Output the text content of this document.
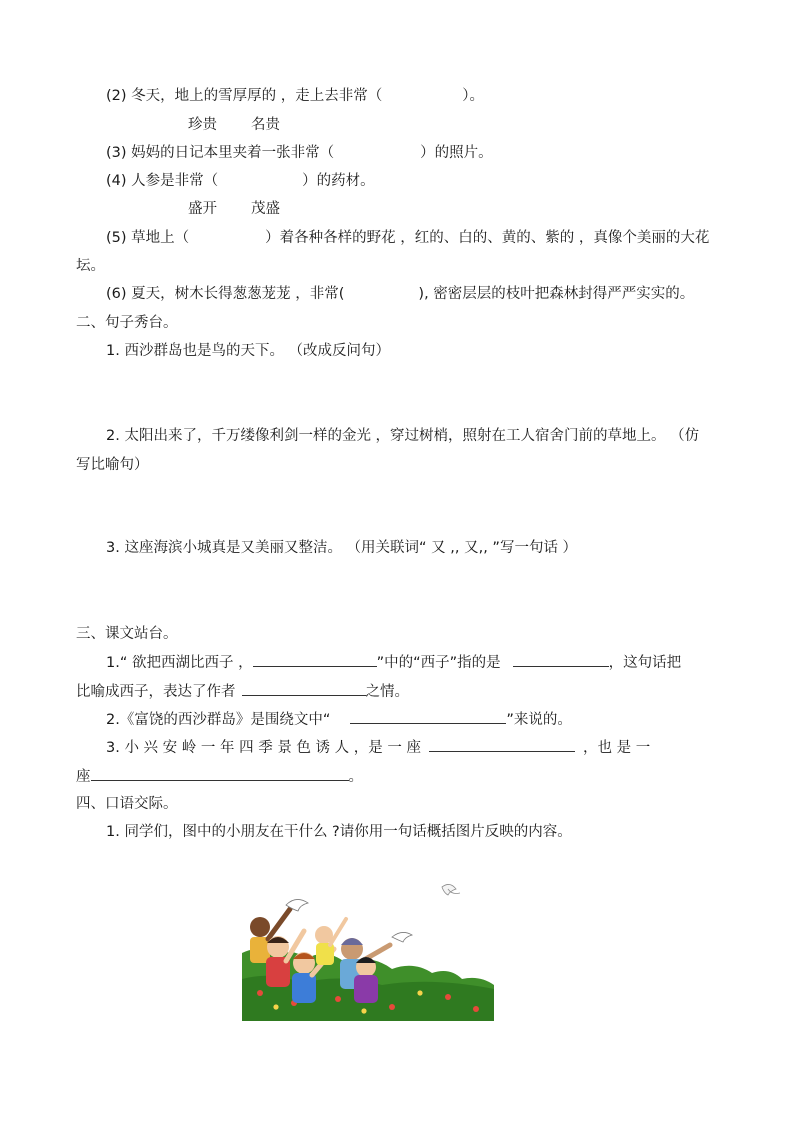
(2) 冬天，地上的雪厚厚的 ，走上去非常（	）。
珍贵 名贵
(3) 妈妈的日记本里夹着一张非常（	）的照片。
(4) 人参是非常（	）的药材。
盛开 茂盛
(5) 草地上（	）着各种各样的野花 ，红的、白的、黄的、紫的 ，真像个美丽的大花
坛。
(6) 夏天，树木长得葱葱茏茏 ，非常(	), 密密层层的枝叶把森林封得严严实实的。
二、句子秀台。
1. 西沙群岛也是鸟的天下。 （改成反问句）
2. 太阳出来了，千万缕像利剑一样的金光 ，穿过树梢，照射在工人宿舍门前的草地上。 （仿
写比喻句）
3. 这座海滨小城真是又美丽又整洁。 （用关联词“ 又 ,, 又,, ”写一句话 ）
三、课文站台。
1.“ 欲把西湖比西子 ，	”中的“西子”指的是	，这句话把
比喻成西子，表达了作者	之情。
2.《富饶的西沙群岛》是围绕文中“	”来说的。
3. 小 兴 安 岭 一 年 四 季 景 色 诱 人 ，是 一 座	，也 是 一
座	。
四、口语交际。
1. 同学们，图中的小朋友在干什么 ?请你用一句话概括图片反映的内容。
